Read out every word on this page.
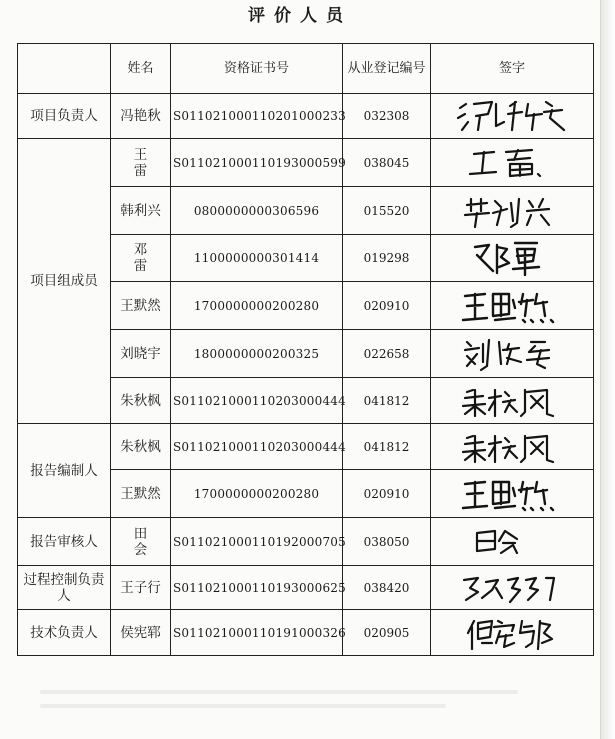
评价人员
	姓名	资格证书号	从业登记编号	签字
项目负责人	冯艳秋	S011021000110201000233	032308	

项目组成员	王雷	S011021000110193000599	038045	

	韩利兴	0800000000306596	015520	

	邓雷	1100000000301414	019298	

	王默然	1700000000200280	020910	

	刘晓宇	1800000000200325	022658	

	朱秋枫	S011021000110203000444	041812	

报告编制人	朱秋枫	S011021000110203000444	041812	

	王默然	1700000000200280	020910	

报告审核人	田会	S011021000110192000705	038050	

过程控制负责人	王子行	S011021000110193000625	038420	

技术负责人	侯宪郓	S011021000110191000326	020905	
